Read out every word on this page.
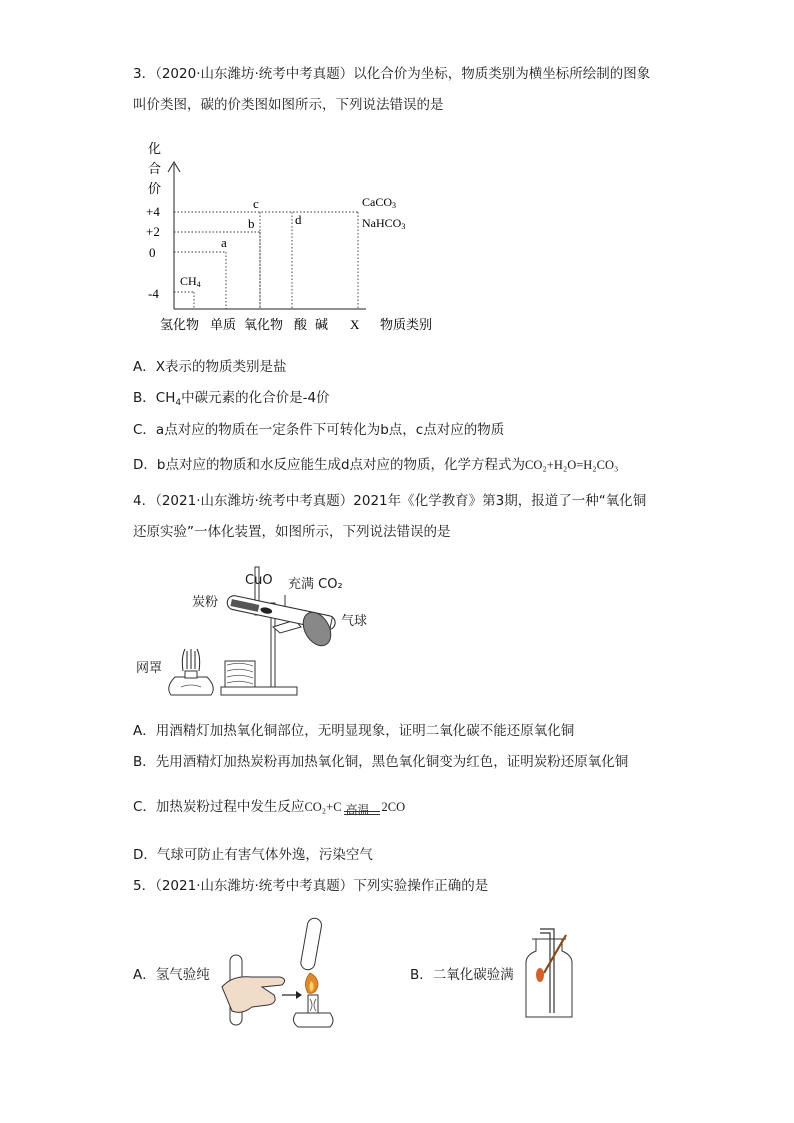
3．（2020·山东潍坊·统考中考真题）以化合价为坐标，物质类别为横坐标所绘制的图象
叫价类图，碳的价类图如图所示，下列说法错误的是
化
合
价
+4
+2
0
-4
CH4
a
b
c
d
CaCO3
NaHCO3
氢化物 单质 氧化物 酸 碱 X 物质类别
A．X表示的物质类别是盐
B．$CH_4$中碳元素的化合价是-4价
C．a点对应的物质在一定条件下可转化为b点，c点对应的物质
D．b点对应的物质和水反应能生成d点对应的物质，化学方程式为CO₂+H₂O=H₂CO₃
4．（2021·山东潍坊·统考中考真题）2021年《化学教育》第3期，报道了一种“氧化铜
还原实验”一体化装置，如图所示，下列说法错误的是
CuO 充满 CO₂
炭粉
气球
网罩
A．用酒精灯加热氧化铜部位，无明显现象，证明二氧化碳不能还原氧化铜
B．先用酒精灯加热炭粉再加热氧化铜，黑色氧化铜变为红色，证明炭粉还原氧化铜
C．加热炭粉过程中发生反应CO₂+C 高温 2CO
D．气球可防止有害气体外逸，污染空气
5．（2021·山东潍坊·统考中考真题）下列实验操作正确的是
A．氢气验纯	B．二氧化碳验满
